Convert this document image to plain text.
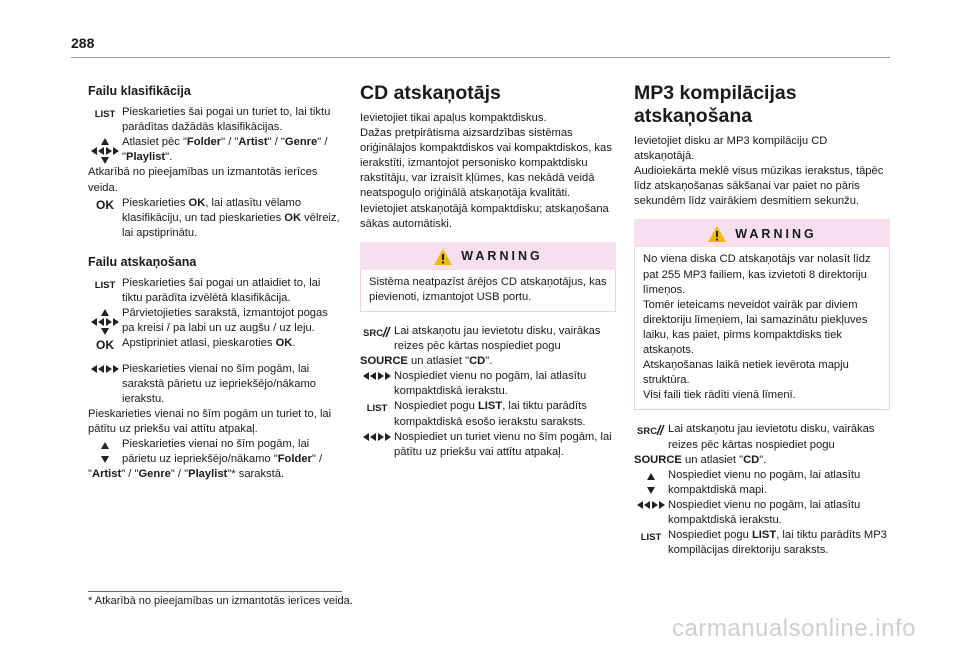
288
Failu klasifikācija
LIST Pieskarieties šai pogai un turiet to, lai tiktu parādītas dažādās klasifikācijas.
Atlasiet pēc "Folder" / "Artist" / "Genre" / "Playlist".

Atkarībā no pieejamības un izmantotās ierīces veida.

OK Pieskarieties OK, lai atlasītu vēlamo klasifikāciju, un tad pieskarieties OK vēlreiz, lai apstiprinātu.
Failu atskaņošana
LIST Pieskarieties šai pogai un atlaidiet to, lai tiktu parādīta izvēlētā klasifikācija.
Pārvietojieties sarakstā, izmantojot pogas pa kreisi / pa labi un uz augšu / uz leju.
OK Apstipriniet atlasi, pieskaroties OK.
Pieskarieties vienai no šīm pogām, lai sarakstā pārietu uz iepriekšējo/nākamo ierakstu.

Pieskarieties vienai no šīm pogām un turiet to, lai pātītu uz priekšu vai attītu atpakaļ.

Pieskarieties vienai no šīm pogām, lai pārietu uz iepriekšējo/nākamo "Folder" /

"Artist" / "Genre" / "Playlist"* sarakstā.

CD atskaņotājs

Ievietojiet tikai apaļus kompaktdiskus.

Dažas pretpirātisma aizsardzības sistēmas oriģinālajos kompaktdiskos vai kompaktdiskos, kas ierakstīti, izmantojot personisko kompaktdisku rakstītāju, var izraisīt kļūmes, kas nekādā veidā neatspoguļo oriģinālā atskaņotāja kvalitāti.

Ievietojiet atskaņotājā kompaktdisku; atskaņošana sākas automātiski.

WARNING
Sistēma neatpazīst ārējos CD atskaņotājus, kas pievienoti, izmantojot USB portu.
SRC Lai atskaņotu jau ievietotu disku, vairākas reizes pēc kārtas nospiediet pogu

SOURCE un atlasiet "CD".

Nospiediet vienu no pogām, lai atlasītu kompaktdiskā ierakstu.
LIST Nospiediet pogu LIST, lai tiktu parādīts kompaktdiskā esošo ierakstu saraksts.
Nospiediet un turiet vienu no šīm pogām, lai pātītu uz priekšu vai attītu atpakaļ.
MP3 kompilācijas
atskaņošana

Ievietojiet disku ar MP3 kompilāciju CD atskaņotājā.

Audioiekārta meklē visus mūzikas ierakstus, tāpēc līdz atskaņošanas sākšanai var paiet no pāris sekundēm līdz vairākiem desmitiem sekunžu.

WARNING
No viena diska CD atskaņotājs var nolasīt līdz pat 255 MP3 failiem, kas izvietoti 8 direktoriju līmeņos.
Tomēr ieteicams neveidot vairāk par diviem direktoriju līmeņiem, lai samazinātu piekļuves laiku, kas paiet, pirms kompaktdisks tiek atskaņots.
Atskaņošanas laikā netiek ievērota mapju struktūra.
Visi faili tiek rādīti vienā līmenī.
SRC Lai atskaņotu jau ievietotu disku, vairākas reizes pēc kārtas nospiediet pogu

SOURCE un atlasiet "CD".

Nospiediet vienu no pogām, lai atlasītu kompaktdiskā mapi.
Nospiediet vienu no pogām, lai atlasītu kompaktdiskā ierakstu.
LIST Nospiediet pogu LIST, lai tiktu parādīts MP3 kompilācijas direktoriju saraksts.
* Atkarībā no pieejamības un izmantotās ierīces veida.
carmanualsonline.info
